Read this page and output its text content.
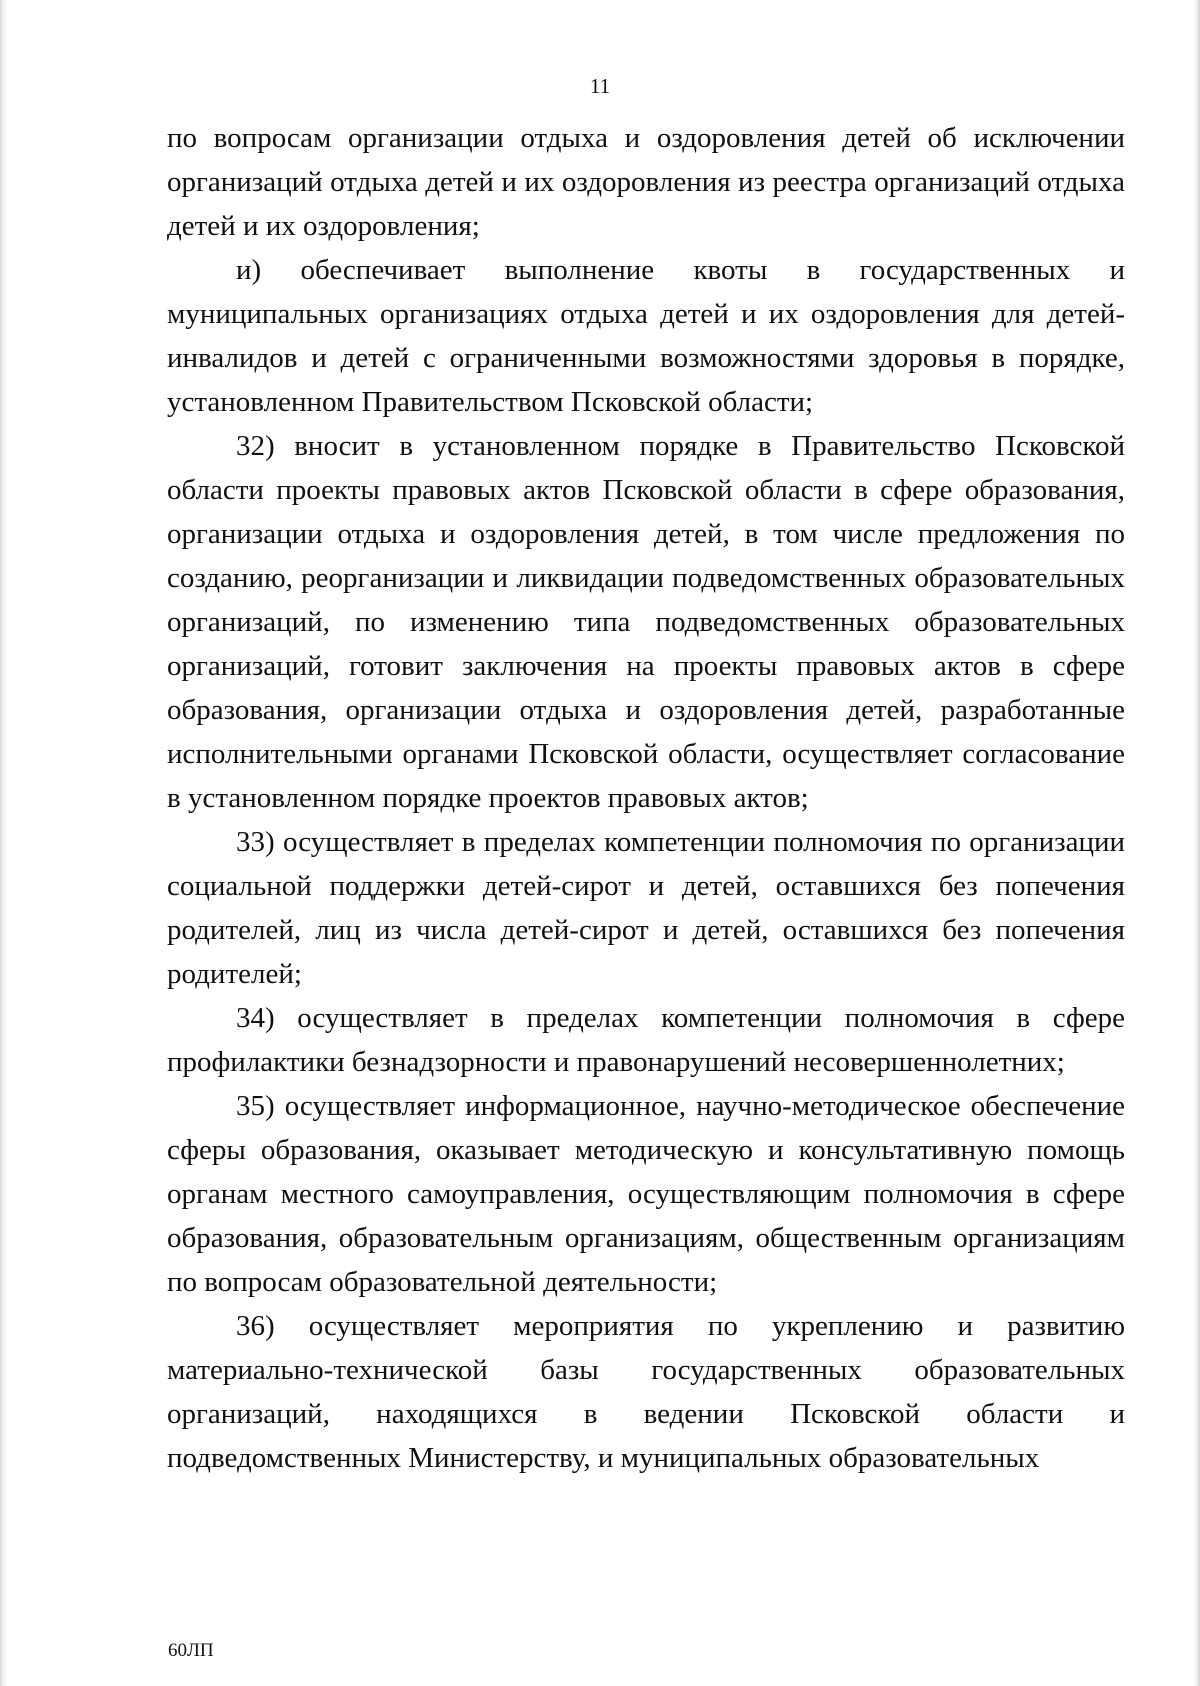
11

по вопросам организации отдыха и оздоровления детей об исключении организаций отдыха детей и их оздоровления из реестра организаций отдыха детей и их оздоровления;

и) обеспечивает выполнение квоты в государственных и муниципальных организациях отдыха детей и их оздоровления для детей-инвалидов и детей с ограниченными возможностями здоровья в порядке, установленном Правительством Псковской области;

32) вносит в установленном порядке в Правительство Псковской области проекты правовых актов Псковской области в сфере образования, организации отдыха и оздоровления детей, в том числе предложения по созданию, реорганизации и ликвидации подведомственных образовательных организаций, по изменению типа подведомственных образовательных организаций, готовит заключения на проекты правовых актов в сфере образования, организации отдыха и оздоровления детей, разработанные исполнительными органами Псковской области, осуществляет согласование в установленном порядке проектов правовых актов;

33) осуществляет в пределах компетенции полномочия по организации социальной поддержки детей-сирот и детей, оставшихся без попечения родителей, лиц из числа детей-сирот и детей, оставшихся без попечения родителей;

34) осуществляет в пределах компетенции полномочия в сфере профилактики безнадзорности и правонарушений несовершеннолетних;

35) осуществляет информационное, научно-методическое обеспечение сферы образования, оказывает методическую и консультативную помощь органам местного самоуправления, осуществляющим полномочия в сфере образования, образовательным организациям, общественным организациям по вопросам образовательной деятельности;

36) осуществляет мероприятия по укреплению и развитию материально-технической базы государственных образовательных организаций, находящихся в ведении Псковской области и подведомственных Министерству, и муниципальных образовательных

60ЛП
